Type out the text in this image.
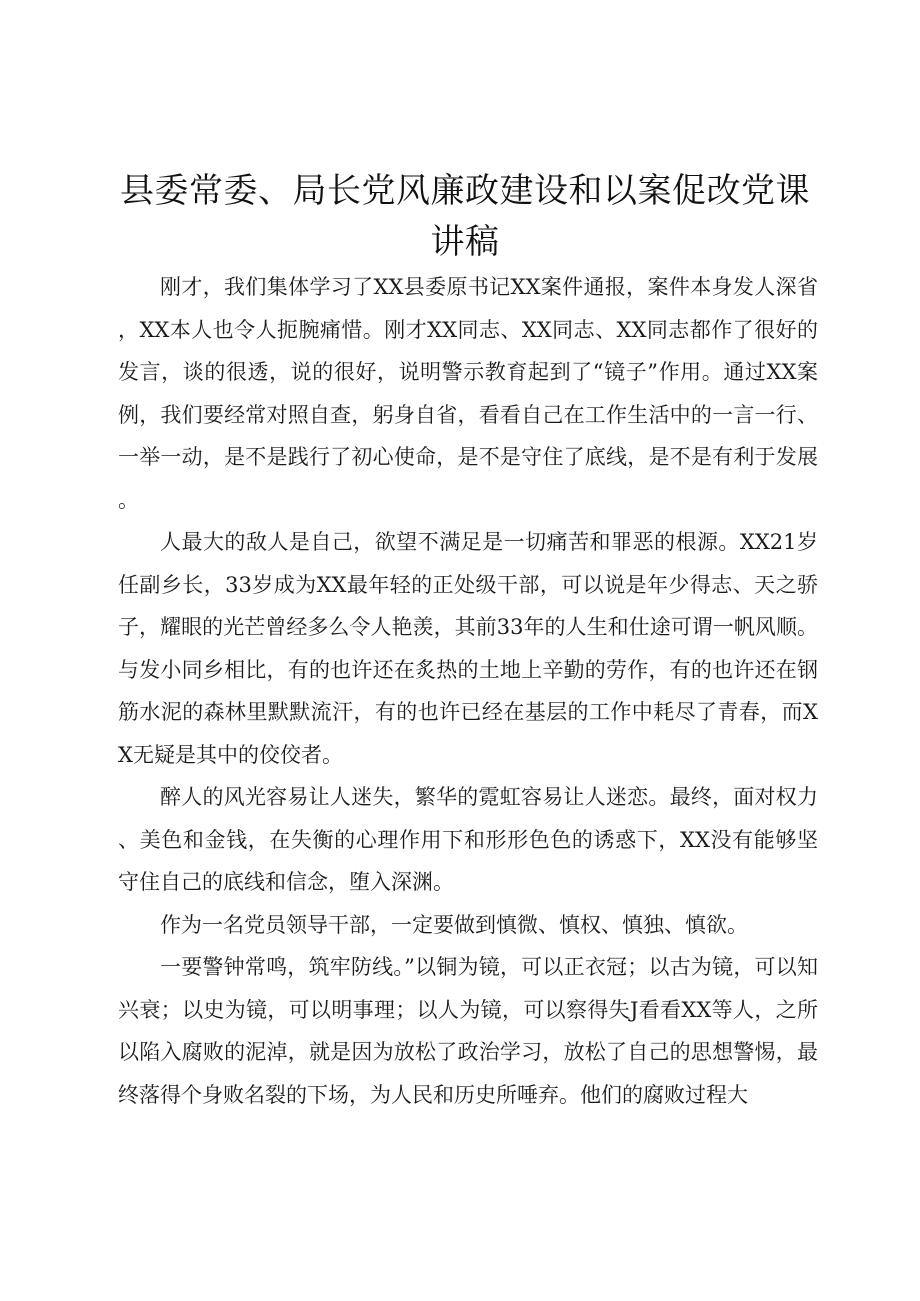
县委常委、局长党风廉政建设和以案促改党课
讲稿

刚才，我们集体学习了XX县委原书记XX案件通报，案件本身发人深省，XX本人也令人扼腕痛惜。刚才XX同志、XX同志、XX同志都作了很好的发言，谈的很透，说的很好，说明警示教育起到了“镜子”作用。通过XX案例，我们要经常对照自查，躬身自省，看看自己在工作生活中的一言一行、一举一动，是不是践行了初心使命，是不是守住了底线，是不是有利于发展。

人最大的敌人是自己，欲望不满足是一切痛苦和罪恶的根源。XX21岁任副乡长，33岁成为XX最年轻的正处级干部，可以说是年少得志、天之骄子，耀眼的光芒曾经多么令人艳羡，其前33年的人生和仕途可谓一帆风顺。与发小同乡相比，有的也许还在炙热的土地上辛勤的劳作，有的也许还在钢筋水泥的森林里默默流汗，有的也许已经在基层的工作中耗尽了青春，而XX无疑是其中的佼佼者。

醉人的风光容易让人迷失，繁华的霓虹容易让人迷恋。最终，面对权力、美色和金钱，在失衡的心理作用下和形形色色的诱惑下，XX没有能够坚守住自己的底线和信念，堕入深渊。

作为一名党员领导干部，一定要做到慎微、慎权、慎独、慎欲。

一要警钟常鸣，筑牢防线。”以铜为镜，可以正衣冠；以古为镜，可以知兴衰；以史为镜，可以明事理；以人为镜，可以察得失J看看XX等人，之所以陷入腐败的泥淖，就是因为放松了政治学习，放松了自己的思想警惕，最终落得个身败名裂的下场，为人民和历史所唾弃。他们的腐败过程大
